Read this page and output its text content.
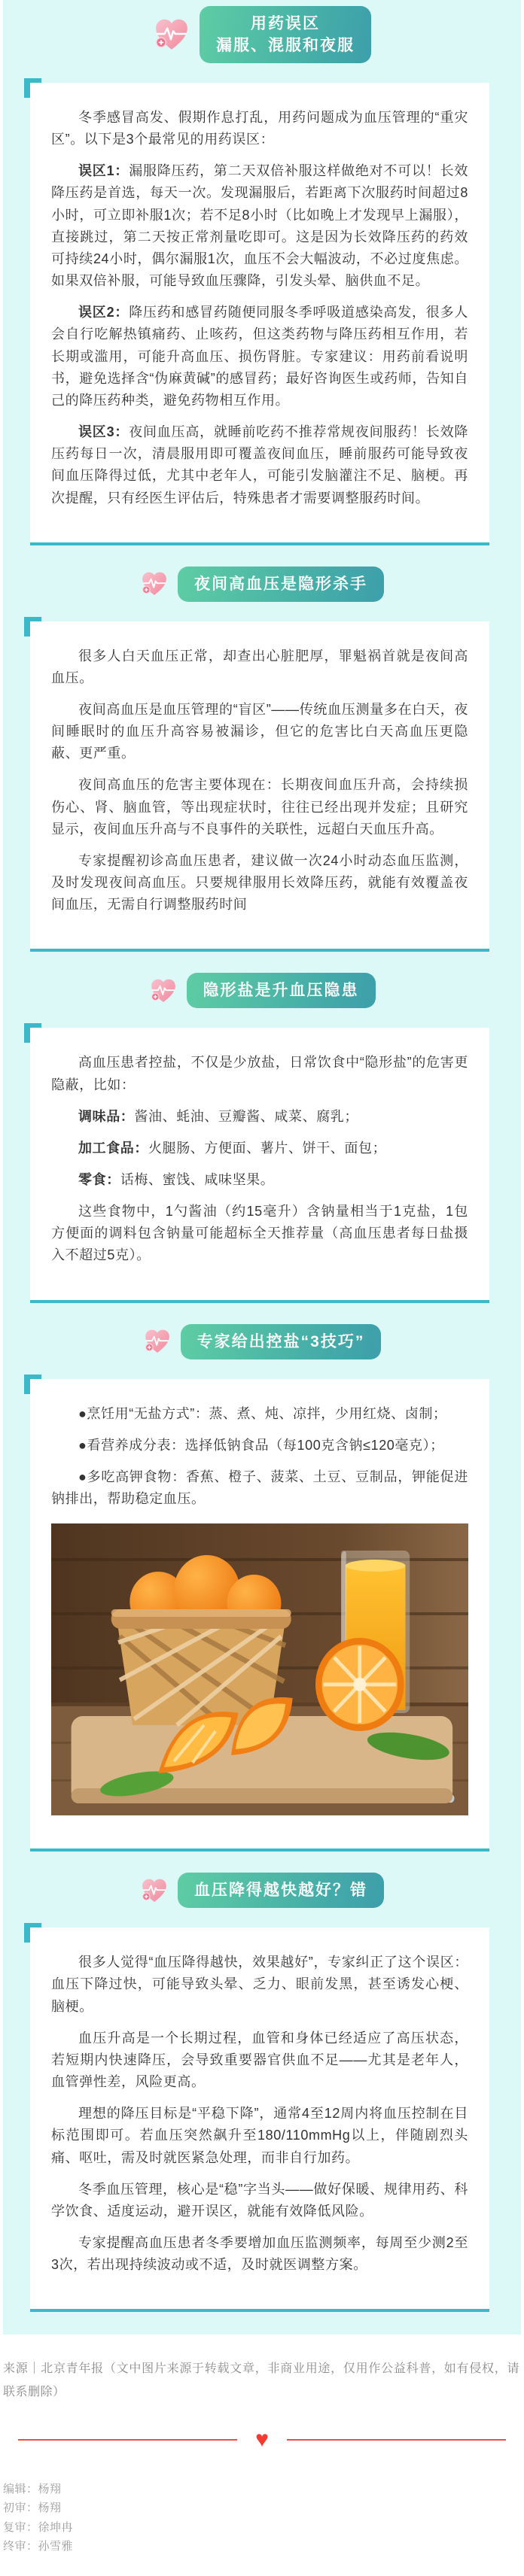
用药误区
漏服、混服和夜服

冬季感冒高发、假期作息打乱，用药问题成为血压管理的“重灾区”。以下是3个最常见的用药误区：

误区1：漏服降压药，第二天双倍补服这样做绝对不可以！长效降压药是首选，每天一次。发现漏服后，若距离下次服药时间超过8小时，可立即补服1次；若不足8小时（比如晚上才发现早上漏服），直接跳过，第二天按正常剂量吃即可。这是因为长效降压药的药效可持续24小时，偶尔漏服1次，血压不会大幅波动，不必过度焦虑。如果双倍补服，可能导致血压骤降，引发头晕、脑供血不足。

误区2：降压药和感冒药随便同服冬季呼吸道感染高发，很多人会自行吃解热镇痛药、止咳药，但这类药物与降压药相互作用，若长期或滥用，可能升高血压、损伤肾脏。专家建议：用药前看说明书，避免选择含“伪麻黄碱”的感冒药；最好咨询医生或药师，告知自己的降压药种类，避免药物相互作用。

误区3：夜间血压高，就睡前吃药不推荐常规夜间服药！长效降压药每日一次，清晨服用即可覆盖夜间血压，睡前服药可能导致夜间血压降得过低，尤其中老年人，可能引发脑灌注不足、脑梗。再次提醒，只有经医生评估后，特殊患者才需要调整服药时间。

夜间高血压是隐形杀手

很多人白天血压正常，却查出心脏肥厚，罪魁祸首就是夜间高血压。

夜间高血压是血压管理的“盲区”——传统血压测量多在白天，夜间睡眠时的血压升高容易被漏诊，但它的危害比白天高血压更隐蔽、更严重。

夜间高血压的危害主要体现在：长期夜间血压升高，会持续损伤心、肾、脑血管，等出现症状时，往往已经出现并发症；且研究显示，夜间血压升高与不良事件的关联性，远超白天血压升高。

专家提醒初诊高血压患者，建议做一次24小时动态血压监测，及时发现夜间高血压。只要规律服用长效降压药，就能有效覆盖夜间血压，无需自行调整服药时间

隐形盐是升血压隐患

高血压患者控盐，不仅是少放盐，日常饮食中“隐形盐”的危害更隐蔽，比如：

调味品：酱油、蚝油、豆瓣酱、咸菜、腐乳；

加工食品：火腿肠、方便面、薯片、饼干、面包；

零食：话梅、蜜饯、咸味坚果。

这些食物中，1勺酱油（约15毫升）含钠量相当于1克盐，1包方便面的调料包含钠量可能超标全天推荐量（高血压患者每日盐摄入不超过5克）。

专家给出控盐“3技巧”

●烹饪用“无盐方式”：蒸、煮、炖、凉拌，少用红烧、卤制；

●看营养成分表：选择低钠食品（每100克含钠≤120毫克）；

●多吃高钾食物：香蕉、橙子、菠菜、土豆、豆制品，钾能促进钠排出，帮助稳定血压。

血压降得越快越好？错

很多人觉得“血压降得越快，效果越好”，专家纠正了这个误区：血压下降过快，可能导致头晕、乏力、眼前发黑，甚至诱发心梗、脑梗。

血压升高是一个长期过程，血管和身体已经适应了高压状态，若短期内快速降压，会导致重要器官供血不足——尤其是老年人，血管弹性差，风险更高。

理想的降压目标是“平稳下降”，通常4至12周内将血压控制在目标范围即可。若血压突然飙升至180/110mmHg以上，伴随剧烈头痛、呕吐，需及时就医紧急处理，而非自行加药。

冬季血压管理，核心是“稳”字当头——做好保暖、规律用药、科学饮食、适度运动，避开误区，就能有效降低风险。

专家提醒高血压患者冬季要增加血压监测频率，每周至少测2至3次，若出现持续波动或不适，及时就医调整方案。

来源｜北京青年报（文中图片来源于转载文章，非商业用途，仅用作公益科普，如有侵权，请联系删除）

♥

编辑：杨翔

初审：杨翔

复审：徐坤冉

终审：孙雪雅
